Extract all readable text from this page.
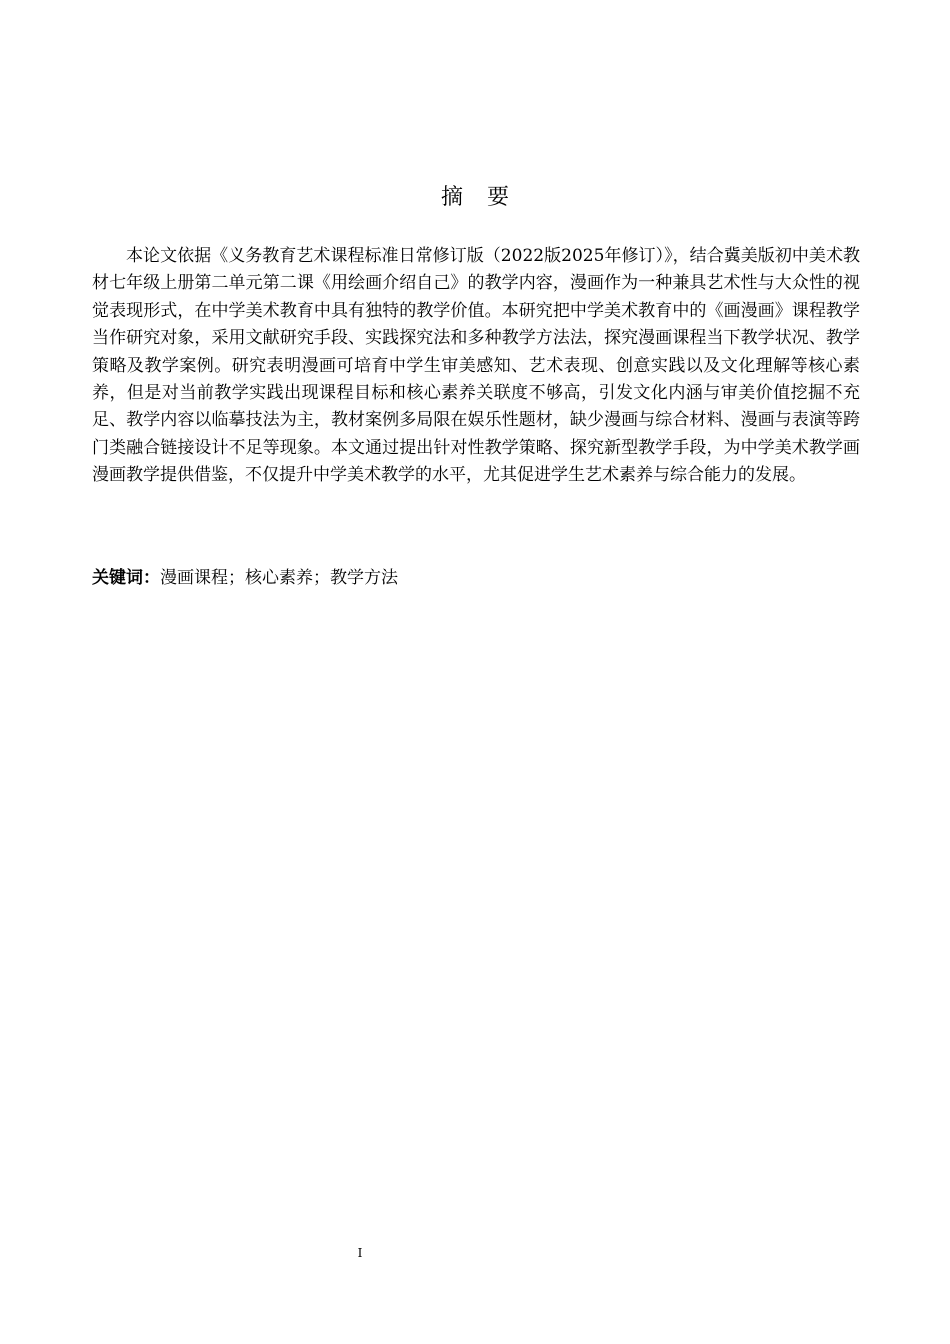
摘要

本论文依据《义务教育艺术课程标准日常修订版（2022版2025年修订）》，结合冀美版初中美术教材七年级上册第二单元第二课《用绘画介绍自己》的教学内容，漫画作为一种兼具艺术性与大众性的视觉表现形式，在中学美术教育中具有独特的教学价值。本研究把中学美术教育中的《画漫画》课程教学当作研究对象，采用文献研究手段、实践探究法和多种教学方法法，探究漫画课程当下教学状况、教学策略及教学案例。研究表明漫画可培育中学生审美感知、艺术表现、创意实践以及文化理解等核心素养，但是对当前教学实践出现课程目标和核心素养关联度不够高，引发文化内涵与审美价值挖掘不充足、教学内容以临摹技法为主，教材案例多局限在娱乐性题材，缺少漫画与综合材料、漫画与表演等跨门类融合链接设计不足等现象。本文通过提出针对性教学策略、探究新型教学手段，为中学美术教学画漫画教学提供借鉴，不仅提升中学美术教学的水平，尤其促进学生艺术素养与综合能力的发展。

关键词：漫画课程；核心素养；教学方法

I
